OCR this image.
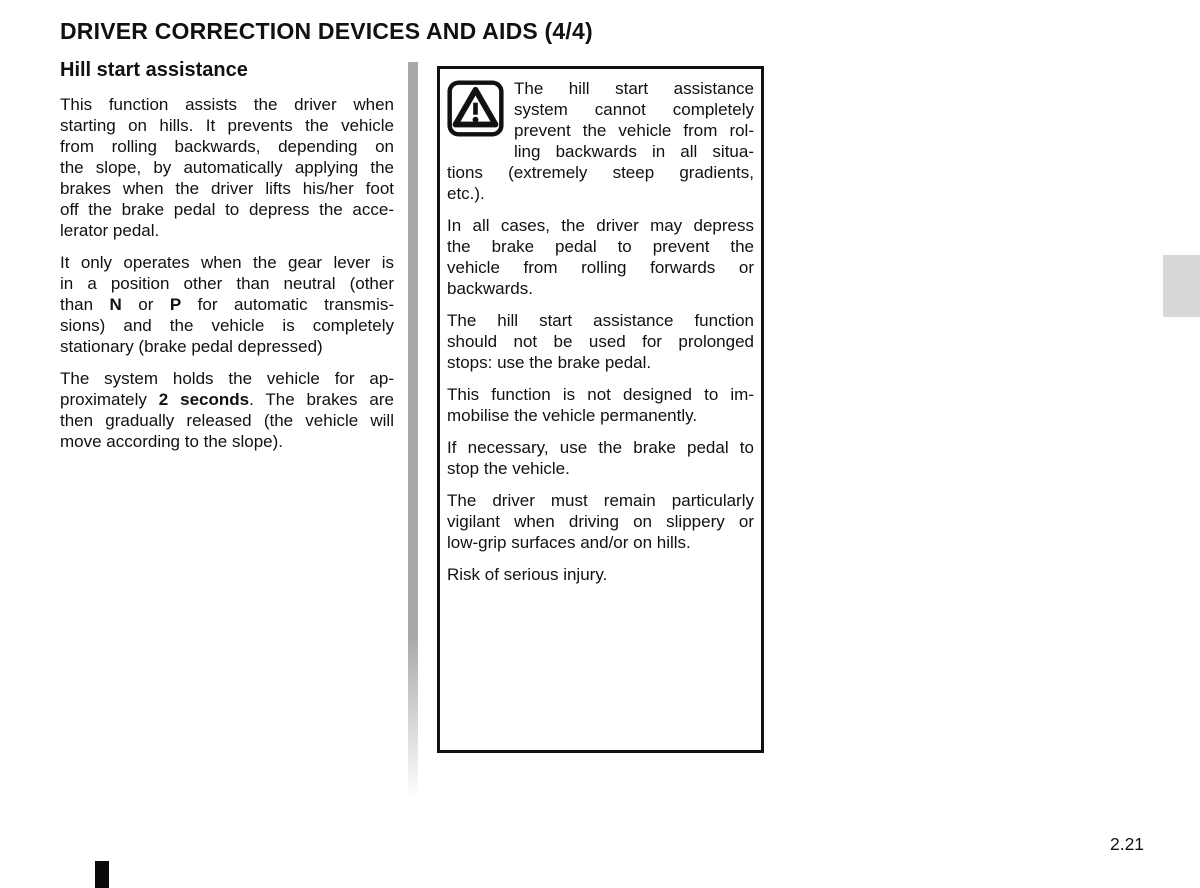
DRIVER CORRECTION DEVICES AND AIDS (4/4)
Hill start assistance

This function assists the driver when
starting on hills. It prevents the vehicle
from rolling backwards, depending on
the slope, by automatically applying the
brakes when the driver lifts his/her foot
off the brake pedal to depress the acce-
lerator pedal.

It only operates when the gear lever is
in a position other than neutral (other
than N or P for automatic transmis-
sions) and the vehicle is completely
stationary (brake pedal depressed)

The system holds the vehicle for ap-
proximately 2 seconds. The brakes are
then gradually released (the vehicle will
move according to the slope).

The hill start assistance
system cannot completely
prevent the vehicle from rol-
ling backwards in all situa-
tions (extremely steep gradients,
etc.).

In all cases, the driver may depress
the brake pedal to prevent the
vehicle from rolling forwards or
backwards.

The hill start assistance function
should not be used for prolonged
stops: use the brake pedal.

This function is not designed to im-
mobilise the vehicle permanently.

If necessary, use the brake pedal to
stop the vehicle.

The driver must remain particularly
vigilant when driving on slippery or
low-grip surfaces and/or on hills.

Risk of serious injury.

2.21
